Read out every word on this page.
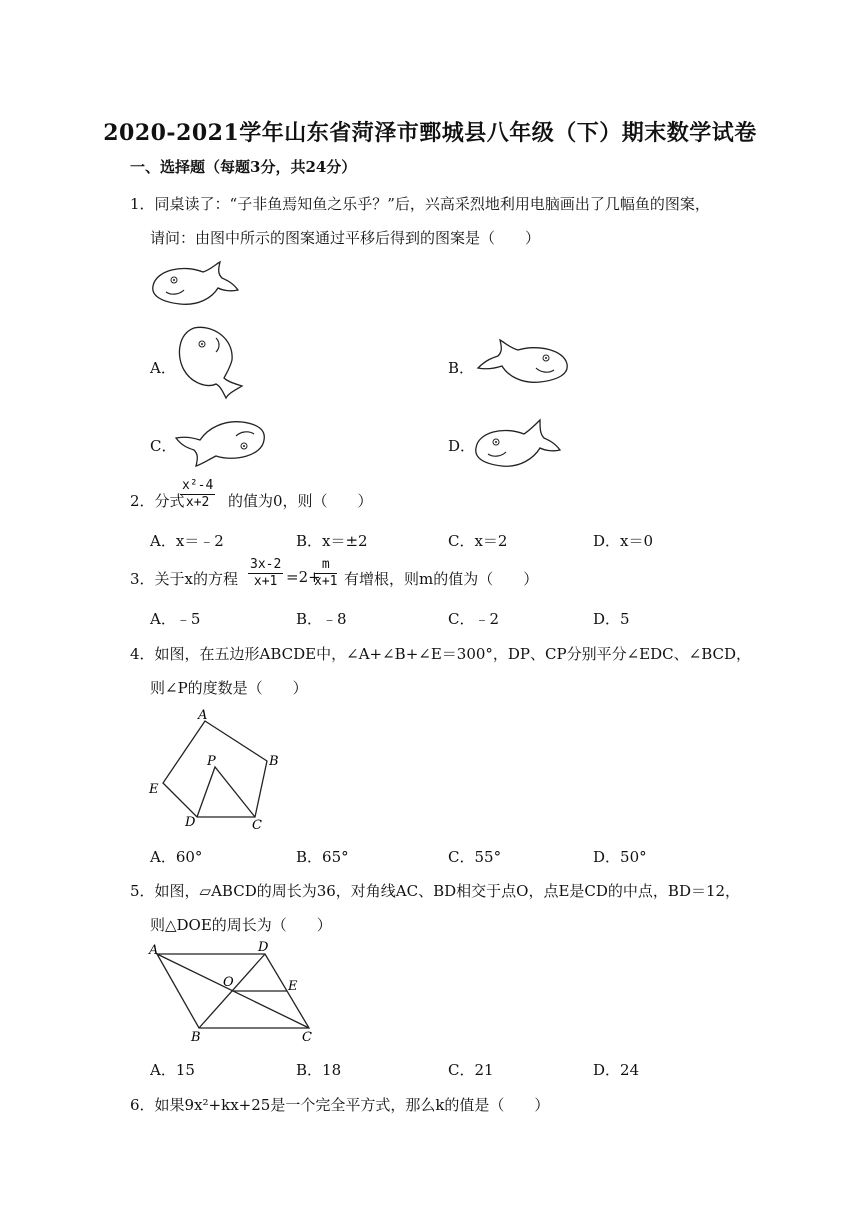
2020-2021学年山东省菏泽市鄄城县八年级（下）期末数学试卷
一、选择题（每题3分，共24分）
1．同桌读了：“子非鱼焉知鱼之乐乎？”后，兴高采烈地利用电脑画出了几幅鱼的图案，
请问：由图中所示的图案通过平移后得到的图案是（　　）
A．	B．
C．	D．
2．分式
$\frac{\text{x²-4}}{x+2}$ 的值为0，则（　　）
A．x＝﹣2	B．x＝±2	C．x＝2	D．x＝0
3．关于x的方程 $\frac{3x-2}{x+1} =2+$
$\frac{m}{x+1}$ 有增根，则m的值为（　　）
A．﹣5	B．﹣8	C．﹣2	D．5
4．如图，在五边形ABCDE中，∠A+∠B+∠E＝300°，DP、CP分别平分∠EDC、∠BCD，
则∠P的度数是（　　）
A
B
C
D
E
P
A．60°	B．65°	C．55°	D．50°
5．如图，▱ABCD的周长为36，对角线AC、BD相交于点O，点E是CD的中点，BD＝12，
则△DOE的周长为（　　）
A	D
O	E
B	C
A．15	B．18	C．21	D．24
6．如果9x²+kx+25是一个完全平方式，那么k的值是（　　）
